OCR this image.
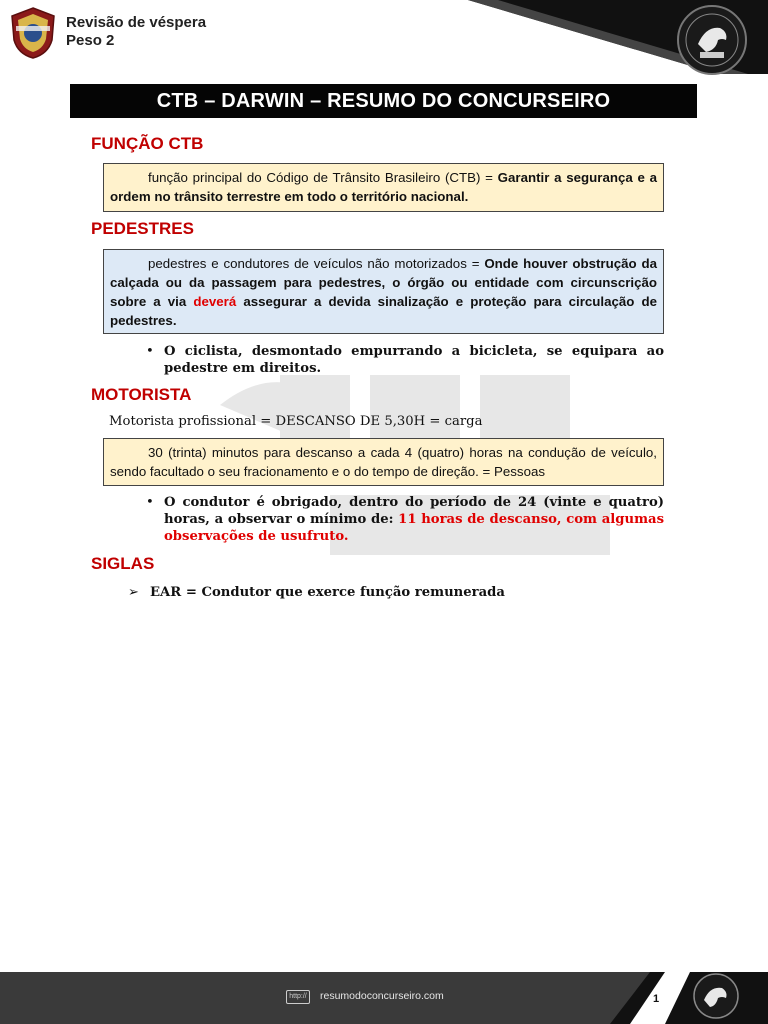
Revisão de véspera
Peso 2
CTB – DARWIN – RESUMO DO CONCURSEIRO
FUNÇÃO CTB
função principal do Código de Trânsito Brasileiro (CTB) = Garantir a segurança e a ordem no trânsito terrestre em todo o território nacional.
PEDESTRES
pedestres e condutores de veículos não motorizados = Onde houver obstrução da calçada ou da passagem para pedestres, o órgão ou entidade com circunscrição sobre a via deverá assegurar a devida sinalização e proteção para circulação de pedestres.
• O ciclista, desmontado empurrando a bicicleta, se equipara ao pedestre em direitos.
MOTORISTA
Motorista profissional = DESCANSO DE 5,30H = carga
30 (trinta) minutos para descanso a cada 4 (quatro) horas na condução de veículo, sendo facultado o seu fracionamento e o do tempo de direção. = Pessoas
• O condutor é obrigado, dentro do período de 24 (vinte e quatro) horas, a observar o mínimo de: 11 horas de descanso, com algumas observações de usufruto.
SIGLAS
➢ EAR = Condutor que exerce função remunerada
http://	resumodoconcurseiro.com	1
